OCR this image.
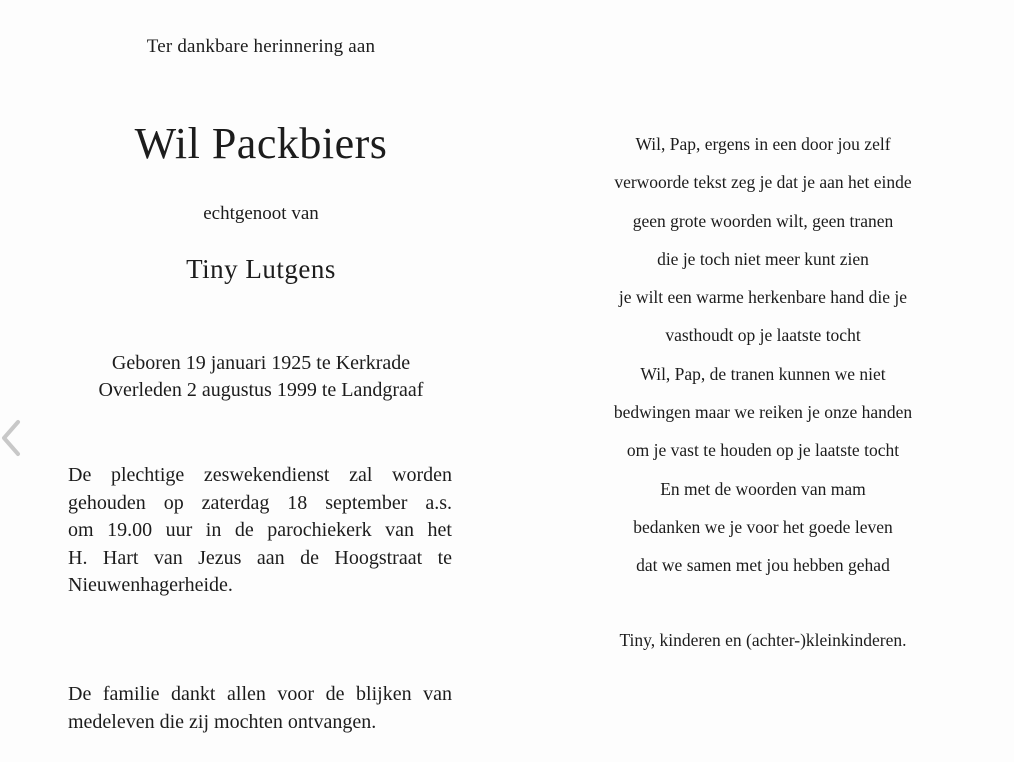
Ter dankbare herinnering aan
Wil Packbiers
echtgenoot van
Tiny Lutgens
Geboren 19 januari 1925 te Kerkrade
Overleden 2 augustus 1999 te Landgraaf
De plechtige zeswekendienst zal worden
gehouden op zaterdag 18 september a.s.
om 19.00 uur in de parochiekerk van het
H. Hart van Jezus aan de Hoogstraat te
Nieuwenhagerheide.
De familie dankt allen voor de blijken van
medeleven die zij mochten ontvangen.
Wil, Pap, ergens in een door jou zelf
verwoorde tekst zeg je dat je aan het einde
geen grote woorden wilt, geen tranen
die je toch niet meer kunt zien
je wilt een warme herkenbare hand die je
vasthoudt op je laatste tocht
Wil, Pap, de tranen kunnen we niet
bedwingen maar we reiken je onze handen
om je vast te houden op je laatste tocht
En met de woorden van mam
bedanken we je voor het goede leven
dat we samen met jou hebben gehad
Tiny, kinderen en (achter-)kleinkinderen.
